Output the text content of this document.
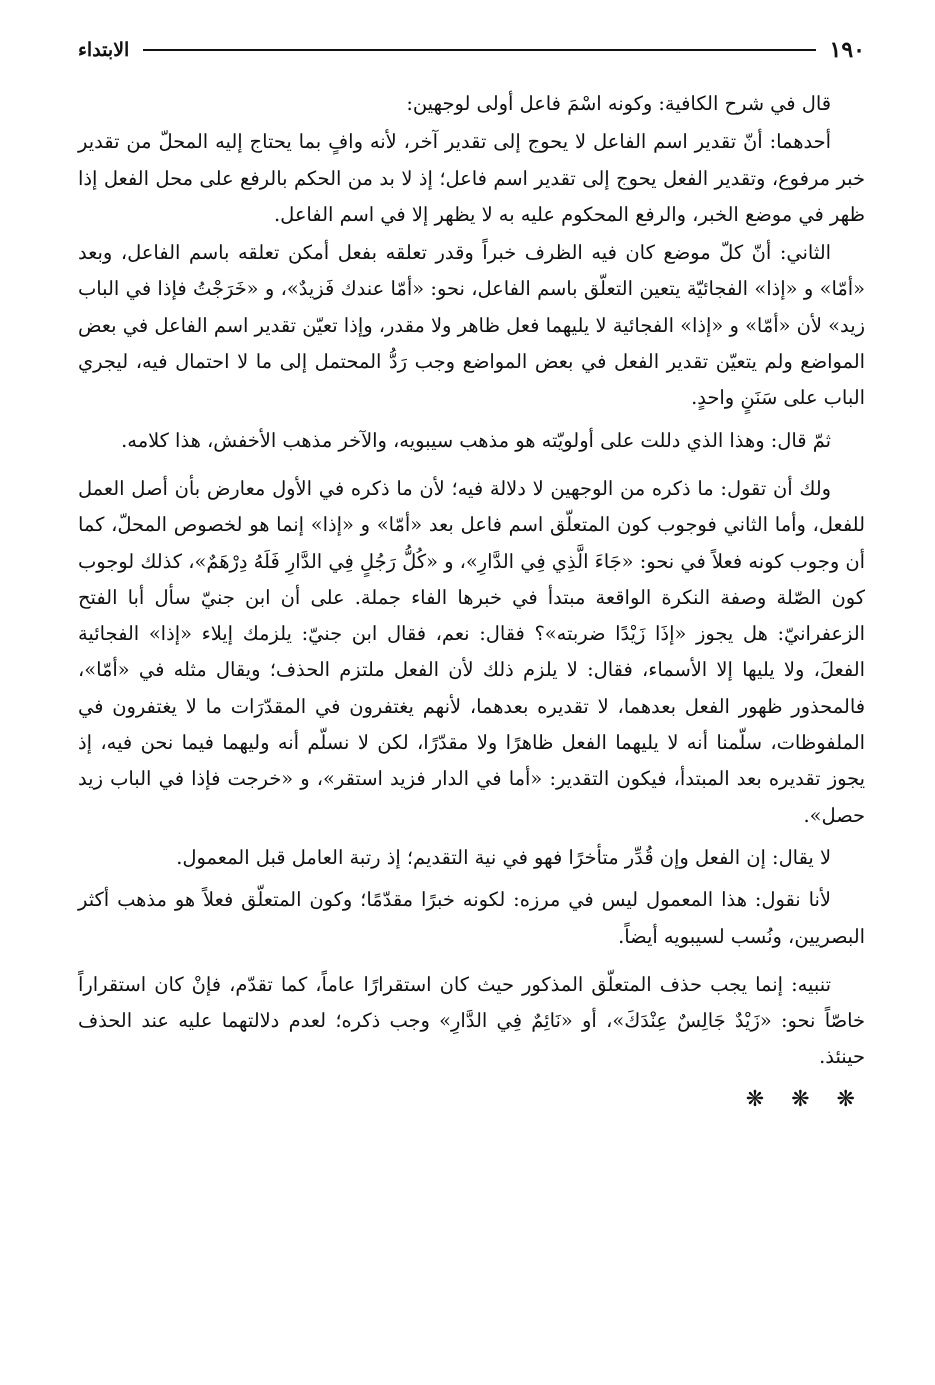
١٩٠
الابتداء

قال في شرح الكافية: وكونه اسْمَ فاعل أولى لوجهين:

أحدهما: أنّ تقدير اسم الفاعل لا يحوج إلى تقدير آخر، لأنه وافٍ بما يحتاج إليه المحلّ من تقدير خبر مرفوع، وتقدير الفعل يحوج إلى تقدير اسم فاعل؛ إذ لا بد من الحكم بالرفع على محل الفعل إذا ظهر في موضع الخبر، والرفع المحكوم عليه به لا يظهر إلا في اسم الفاعل.

الثاني: أنّ كلّ موضع كان فيه الظرف خبراً وقدر تعلقه بفعل أمكن تعلقه باسم الفاعل، وبعد «أمّا» و «إذا» الفجائيّة يتعين التعلّق باسم الفاعل، نحو: «أمّا عندك فَزيدٌ»، و «خَرَجْتُ فإذا في الباب زيد» لأن «أمّا» و «إذا» الفجائية لا يليهما فعل ظاهر ولا مقدر، وإذا تعيّن تقدير اسم الفاعل في بعض المواضع ولم يتعيّن تقدير الفعل في بعض المواضع وجب رَدُّ المحتمل إلى ما لا احتمال فيه، ليجري الباب على سَنَنٍ واحدٍ.

ثمّ قال: وهذا الذي دللت على أولويّته هو مذهب سيبويه، والآخر مذهب الأخفش، هذا كلامه.

ولك أن تقول: ما ذكره من الوجهين لا دلالة فيه؛ لأن ما ذكره في الأول معارض بأن أصل العمل للفعل، وأما الثاني فوجوب كون المتعلّق اسم فاعل بعد «أمّا» و «إذا» إنما هو لخصوص المحلّ، كما أن وجوب كونه فعلاً في نحو: «جَاءَ الَّذِي فِي الدَّارِ»، و «كُلُّ رَجُلٍ فِي الدَّارِ فَلَهُ دِرْهَمٌ»، كذلك لوجوب كون الصّلة وصفة النكرة الواقعة مبتدأ في خبرها الفاء جملة. على أن ابن جنيّ سأل أبا الفتح الزعفرانيّ: هل يجوز «إذَا زَيْدًا ضربته»؟ فقال: نعم، فقال ابن جنيّ: يلزمك إيلاء «إذا» الفجائية الفعلَ، ولا يليها إلا الأسماء، فقال: لا يلزم ذلك لأن الفعل ملتزم الحذف؛ ويقال مثله في «أمّا»، فالمحذور ظهور الفعل بعدهما، لا تقديره بعدهما، لأنهم يغتفرون في المقدّرَات ما لا يغتفرون في الملفوظات، سلّمنا أنه لا يليهما الفعل ظاهرًا ولا مقدّرًا، لكن لا نسلّم أنه وليهما فيما نحن فيه، إذ يجوز تقديره بعد المبتدأ، فيكون التقدير: «أما في الدار فزيد استقر»، و «خرجت فإذا في الباب زيد حصل».

لا يقال: إن الفعل وإن قُدِّر متأخرًا فهو في نية التقديم؛ إذ رتبة العامل قبل المعمول.

لأنا نقول: هذا المعمول ليس في مرزه: لكونه خبرًا مقدّمًا؛ وكون المتعلّق فعلاً هو مذهب أكثر البصريين، ونُسب لسيبويه أيضاً.

تنبيه: إنما يجب حذف المتعلّق المذكور حيث كان استقرارًا عاماً، كما تقدّم، فإنْ كان استقراراً خاصّاً نحو: «زَيْدٌ جَالِسٌ عِنْدَكَ»، أو «نَائِمٌ فِي الدَّارِ» وجب ذكره؛ لعدم دلالتهما عليه عند الحذف حينئذ.

❋ ❋ ❋
